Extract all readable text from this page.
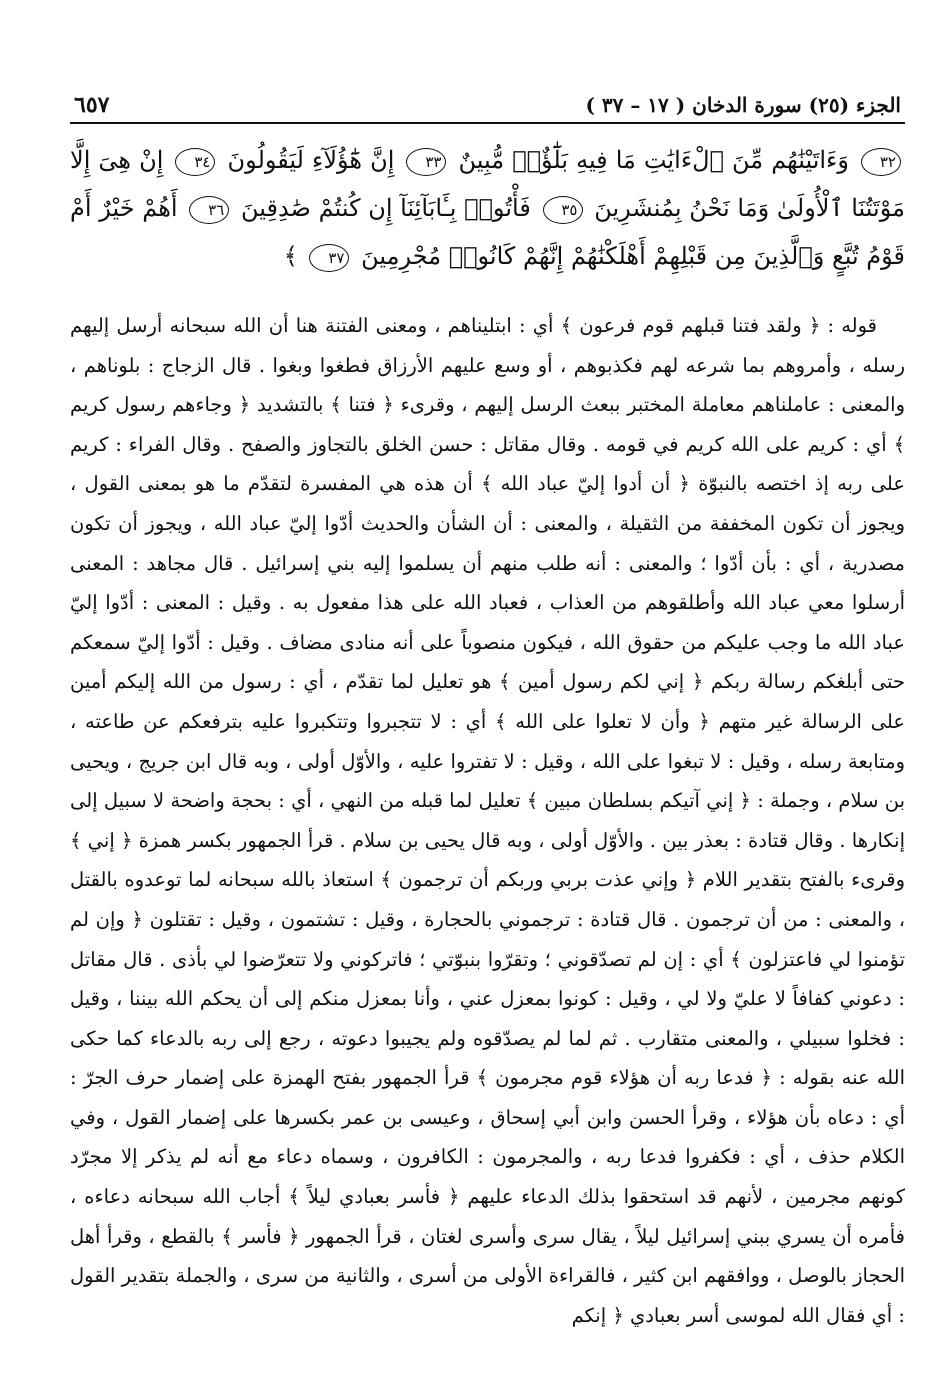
الجزء (٢٥) سورة الدخان ( ١٧ – ٣٧ )
٦٥٧
٣٢ وَءَاتَيْنَٰهُم مِّنَ ٱلْءَايَٰتِ مَا فِيهِ بَلَٰٓؤٌا۟ مُّبِينٌ ٣٣ إِنَّ هَٰٓؤُلَآءِ لَيَقُولُونَ ٣٤ إِنْ هِىَ إِلَّا مَوْتَتُنَا ٱلْأُولَىٰ وَمَا نَحْنُ بِمُنشَرِينَ ٣٥ فَأْتُوا۟ بِـَٔابَآئِنَآ إِن كُنتُمْ صَٰدِقِينَ ٣٦ أَهُمْ خَيْرٌ أَمْ قَوْمُ تُبَّعٍ وَٱلَّذِينَ مِن قَبْلِهِمْ أَهْلَكْنَٰهُمْ إِنَّهُمْ كَانُوا۟ مُجْرِمِينَ ٣٧ ﴾

قوله : ﴿ ولقد فتنا قبلهم قوم فرعون ﴾ أي : ابتليناهم ، ومعنى الفتنة هنا أن الله سبحانه أرسل إليهم رسله ، وأمروهم بما شرعه لهم فكذبوهم ، أو وسع عليهم الأرزاق فطغوا وبغوا . قال الزجاج : بلوناهم ، والمعنى : عاملناهم معاملة المختبر ببعث الرسل إليهم ، وقرىء ﴿ فتنا ﴾ بالتشديد ﴿ وجاءهم رسول كريم ﴾ أي : كريم على الله كريم في قومه . وقال مقاتل : حسن الخلق بالتجاوز والصفح . وقال الفراء : كريم على ربه إذ اختصه بالنبوّة ﴿ أن أدوا إليّ عباد الله ﴾ أن هذه هي المفسرة لتقدّم ما هو بمعنى القول ، ويجوز أن تكون المخففة من الثقيلة ، والمعنى : أن الشأن والحديث أدّوا إليّ عباد الله ، ويجوز أن تكون مصدرية ، أي : بأن أدّوا ؛ والمعنى : أنه طلب منهم أن يسلموا إليه بني إسرائيل . قال مجاهد : المعنى أرسلوا معي عباد الله وأطلقوهم من العذاب ، فعباد الله على هذا مفعول به . وقيل : المعنى : أدّوا إليّ عباد الله ما وجب عليكم من حقوق الله ، فيكون منصوباً على أنه منادى مضاف . وقيل : أدّوا إليّ سمعكم حتى أبلغكم رسالة ربكم ﴿ إني لكم رسول أمين ﴾ هو تعليل لما تقدّم ، أي : رسول من الله إليكم أمين على الرسالة غير متهم ﴿ وأن لا تعلوا على الله ﴾ أي : لا تتجبروا وتتكبروا عليه بترفعكم عن طاعته ، ومتابعة رسله ، وقيل : لا تبغوا على الله ، وقيل : لا تفتروا عليه ، والأوّل أولى ، وبه قال ابن جريج ، ويحيى بن سلام ، وجملة : ﴿ إني آتيكم بسلطان مبين ﴾ تعليل لما قبله من النهي ، أي : بحجة واضحة لا سبيل إلى إنكارها . وقال قتادة : بعذر بين . والأوّل أولى ، وبه قال يحيى بن سلام . قرأ الجمهور بكسر همزة ﴿ إني ﴾ وقرىء بالفتح بتقدير اللام ﴿ وإني عذت بربي وربكم أن ترجمون ﴾ استعاذ بالله سبحانه لما توعدوه بالقتل ، والمعنى : من أن ترجمون . قال قتادة : ترجموني بالحجارة ، وقيل : تشتمون ، وقيل : تقتلون ﴿ وإن لم تؤمنوا لي فاعتزلون ﴾ أي : إن لم تصدّقوني ؛ وتقرّوا بنبوّتي ؛ فاتركوني ولا تتعرّضوا لي بأذى . قال مقاتل : دعوني كفافاً لا عليّ ولا لي ، وقيل : كونوا بمعزل عني ، وأنا بمعزل منكم إلى أن يحكم الله بيننا ، وقيل : فخلوا سبيلي ، والمعنى متقارب . ثم لما لم يصدّقوه ولم يجيبوا دعوته ، رجع إلى ربه بالدعاء كما حكى الله عنه بقوله : ﴿ فدعا ربه أن هؤلاء قوم مجرمون ﴾ قرأ الجمهور بفتح الهمزة على إضمار حرف الجرّ : أي : دعاه بأن هؤلاء ، وقرأ الحسن وابن أبي إسحاق ، وعيسى بن عمر بكسرها على إضمار القول ، وفي الكلام حذف ، أي : فكفروا فدعا ربه ، والمجرمون : الكافرون ، وسماه دعاء مع أنه لم يذكر إلا مجرّد كونهم مجرمين ، لأنهم قد استحقوا بذلك الدعاء عليهم ﴿ فأسر بعبادي ليلاً ﴾ أجاب الله سبحانه دعاءه ، فأمره أن يسري ببني إسرائيل ليلاً ، يقال سرى وأسرى لغتان ، قرأ الجمهور ﴿ فأسر ﴾ بالقطع ، وقرأ أهل الحجاز بالوصل ، ووافقهم ابن كثير ، فالقراءة الأولى من أسرى ، والثانية من سرى ، والجملة بتقدير القول : أي فقال الله لموسى أسر بعبادي ﴿ إنكم
